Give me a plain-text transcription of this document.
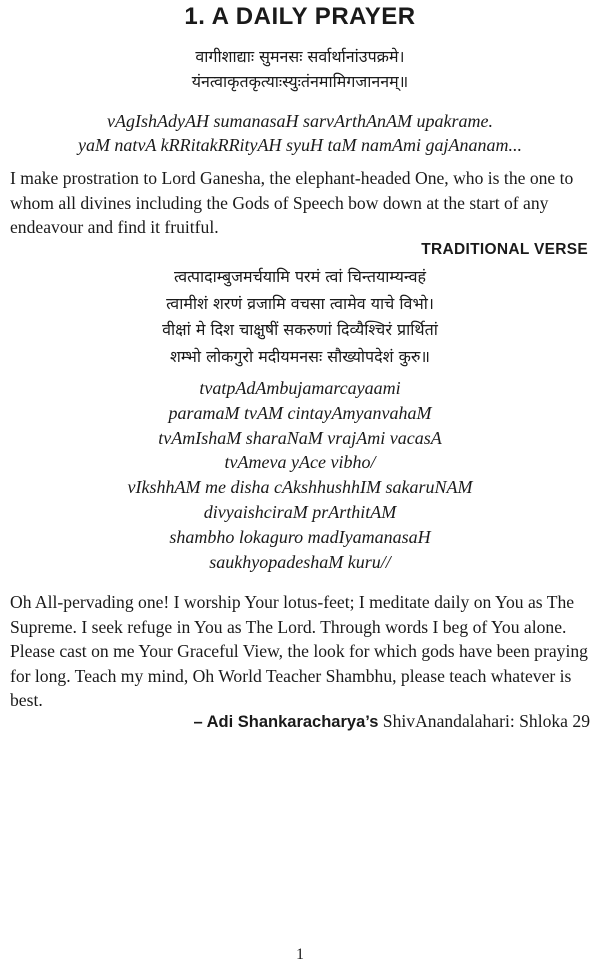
1. A DAILY PRAYER
वागीशाद्याः सुमनसः सर्वार्थानांउपक्रमे।
यंनत्वाकृतकृत्याःस्युःतंनमामिगजाननम्॥
vAgIshAdyAH sumanasaH sarvArthAnAM upakrame.
yaM natvA kRRitakRRityAH syuH taM namAmi gajAnanam...
I make prostration to Lord Ganesha, the elephant-headed One, who is the one to whom all divines including the Gods of Speech bow down at the start of any endeavour and find it fruitful.
TRADITIONAL VERSE
त्वत्पादाम्बुजमर्चयामि परमं त्वां चिन्तयाम्यन्वहं
त्वामीशं शरणं व्रजामि वचसा त्वामेव याचे विभो।
वीक्षां मे दिश चाक्षुषीं सकरुणां दिव्यैश्चिरं प्रार्थितां
शम्भो लोकगुरो मदीयमनसः सौख्योपदेशं कुरु॥
tvatpAdAmbujamarcayaami
paramaM tvAM cintayAmyanvahaM
tvAmIshaM sharaNaM vrajAmi vacasA
tvAmeva yAce vibho/
vIkshhAM me disha cAkshhushhIM sakaruNAM
divyaishciraM prArthitAM
shambho lokaguro madIyamanasaH
saukhyopadeshaM kuru//
Oh All-pervading one! I worship Your lotus-feet; I meditate daily on You as The Supreme. I seek refuge in You as The Lord. Through words I beg of You alone. Please cast on me Your Graceful View, the look for which gods have been praying for long. Teach my mind, Oh World Teacher Shambhu, please teach whatever is best.
– Adi Shankaracharya’s ShivAnandalahari: Shloka 29
1
